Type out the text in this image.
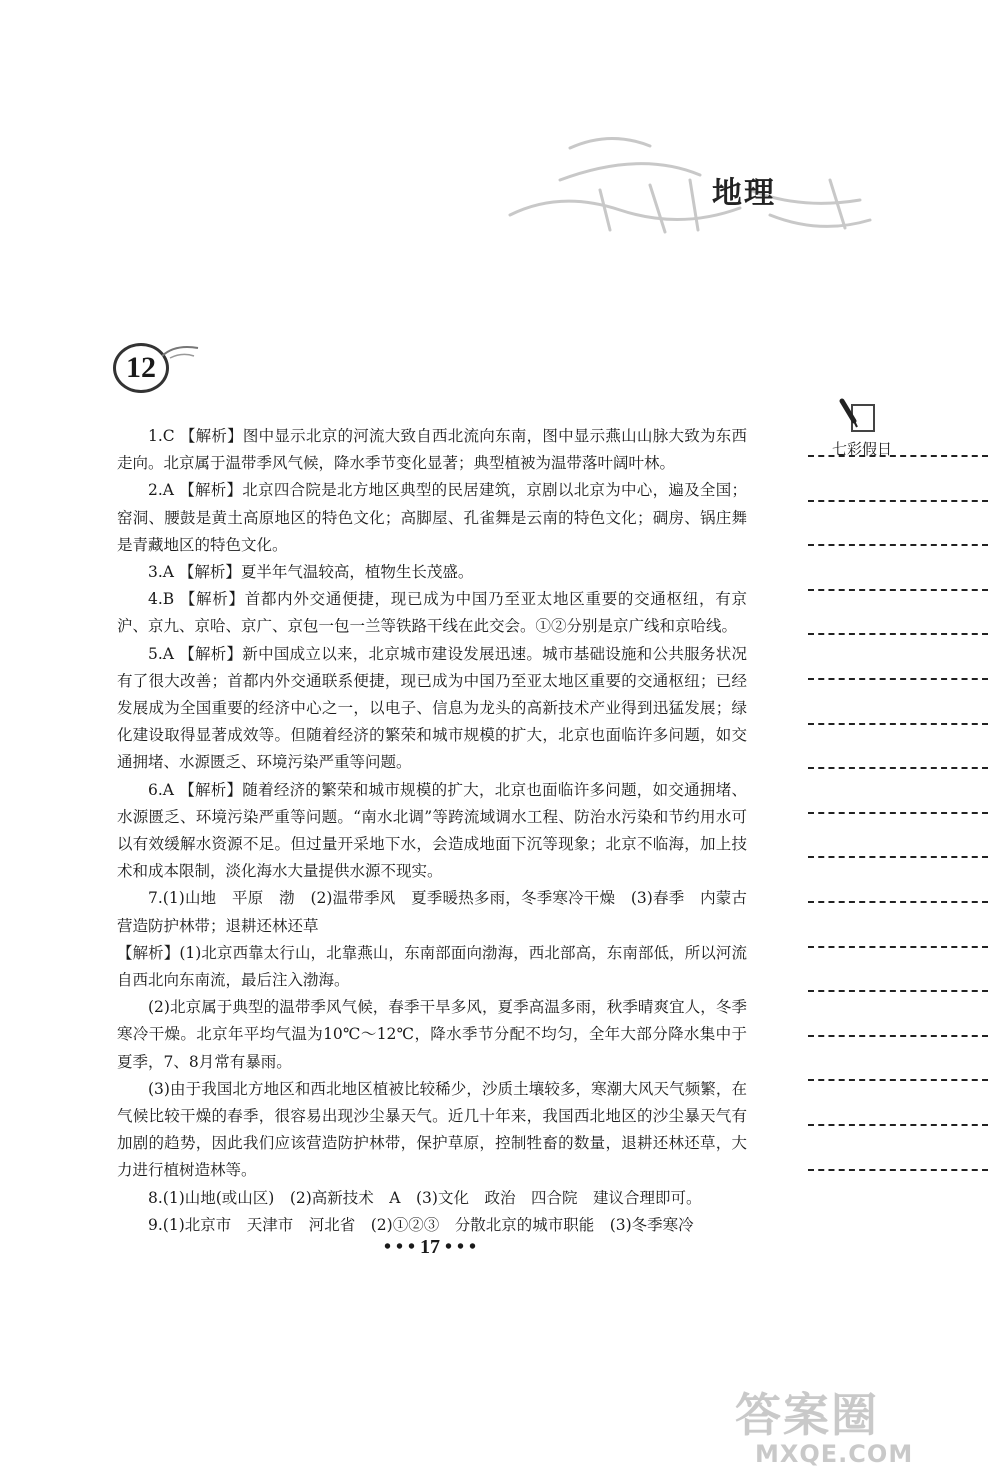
地理
12
七彩假日

1.C 【解析】图中显示北京的河流大致自西北流向东南，图中显示燕山山脉大致为东西走向。北京属于温带季风气候，降水季节变化显著；典型植被为温带落叶阔叶林。

2.A 【解析】北京四合院是北方地区典型的民居建筑，京剧以北京为中心，遍及全国；窑洞、腰鼓是黄土高原地区的特色文化；高脚屋、孔雀舞是云南的特色文化；碉房、锅庄舞是青藏地区的特色文化。

3.A 【解析】夏半年气温较高，植物生长茂盛。

4.B 【解析】首都内外交通便捷，现已成为中国乃至亚太地区重要的交通枢纽，有京沪、京九、京哈、京广、京包一包一兰等铁路干线在此交会。①②分别是京广线和京哈线。

5.A 【解析】新中国成立以来，北京城市建设发展迅速。城市基础设施和公共服务状况有了很大改善；首都内外交通联系便捷，现已成为中国乃至亚太地区重要的交通枢纽；已经发展成为全国重要的经济中心之一，以电子、信息为龙头的高新技术产业得到迅猛发展；绿化建设取得显著成效等。但随着经济的繁荣和城市规模的扩大，北京也面临许多问题，如交通拥堵、水源匮乏、环境污染严重等问题。

6.A 【解析】随着经济的繁荣和城市规模的扩大，北京也面临许多问题，如交通拥堵、水源匮乏、环境污染严重等问题。“南水北调”等跨流域调水工程、防治水污染和节约用水可以有效缓解水资源不足。但过量开采地下水，会造成地面下沉等现象；北京不临海，加上技术和成本限制，淡化海水大量提供水源不现实。

7.(1)山地　平原　渤　(2)温带季风　夏季暖热多雨，冬季寒冷干燥　(3)春季　内蒙古　营造防护林带；退耕还林还草

【解析】(1)北京西靠太行山，北靠燕山，东南部面向渤海，西北部高，东南部低，所以河流自西北向东南流，最后注入渤海。

(2)北京属于典型的温带季风气候，春季干旱多风，夏季高温多雨，秋季晴爽宜人，冬季寒冷干燥。北京年平均气温为10℃～12℃，降水季节分配不均匀，全年大部分降水集中于夏季，7、8月常有暴雨。

(3)由于我国北方地区和西北地区植被比较稀少，沙质土壤较多，寒潮大风天气频繁，在气候比较干燥的春季，很容易出现沙尘暴天气。近几十年来，我国西北地区的沙尘暴天气有加剧的趋势，因此我们应该营造防护林带，保护草原，控制牲畜的数量，退耕还林还草，大力进行植树造林等。

8.(1)山地(或山区)　(2)高新技术　A　(3)文化　政治　四合院　建议合理即可。

9.(1)北京市　天津市　河北省　(2)①②③　分散北京的城市职能　(3)冬季寒冷

• • • 17 • • •
答案圈
MXQE.COM
